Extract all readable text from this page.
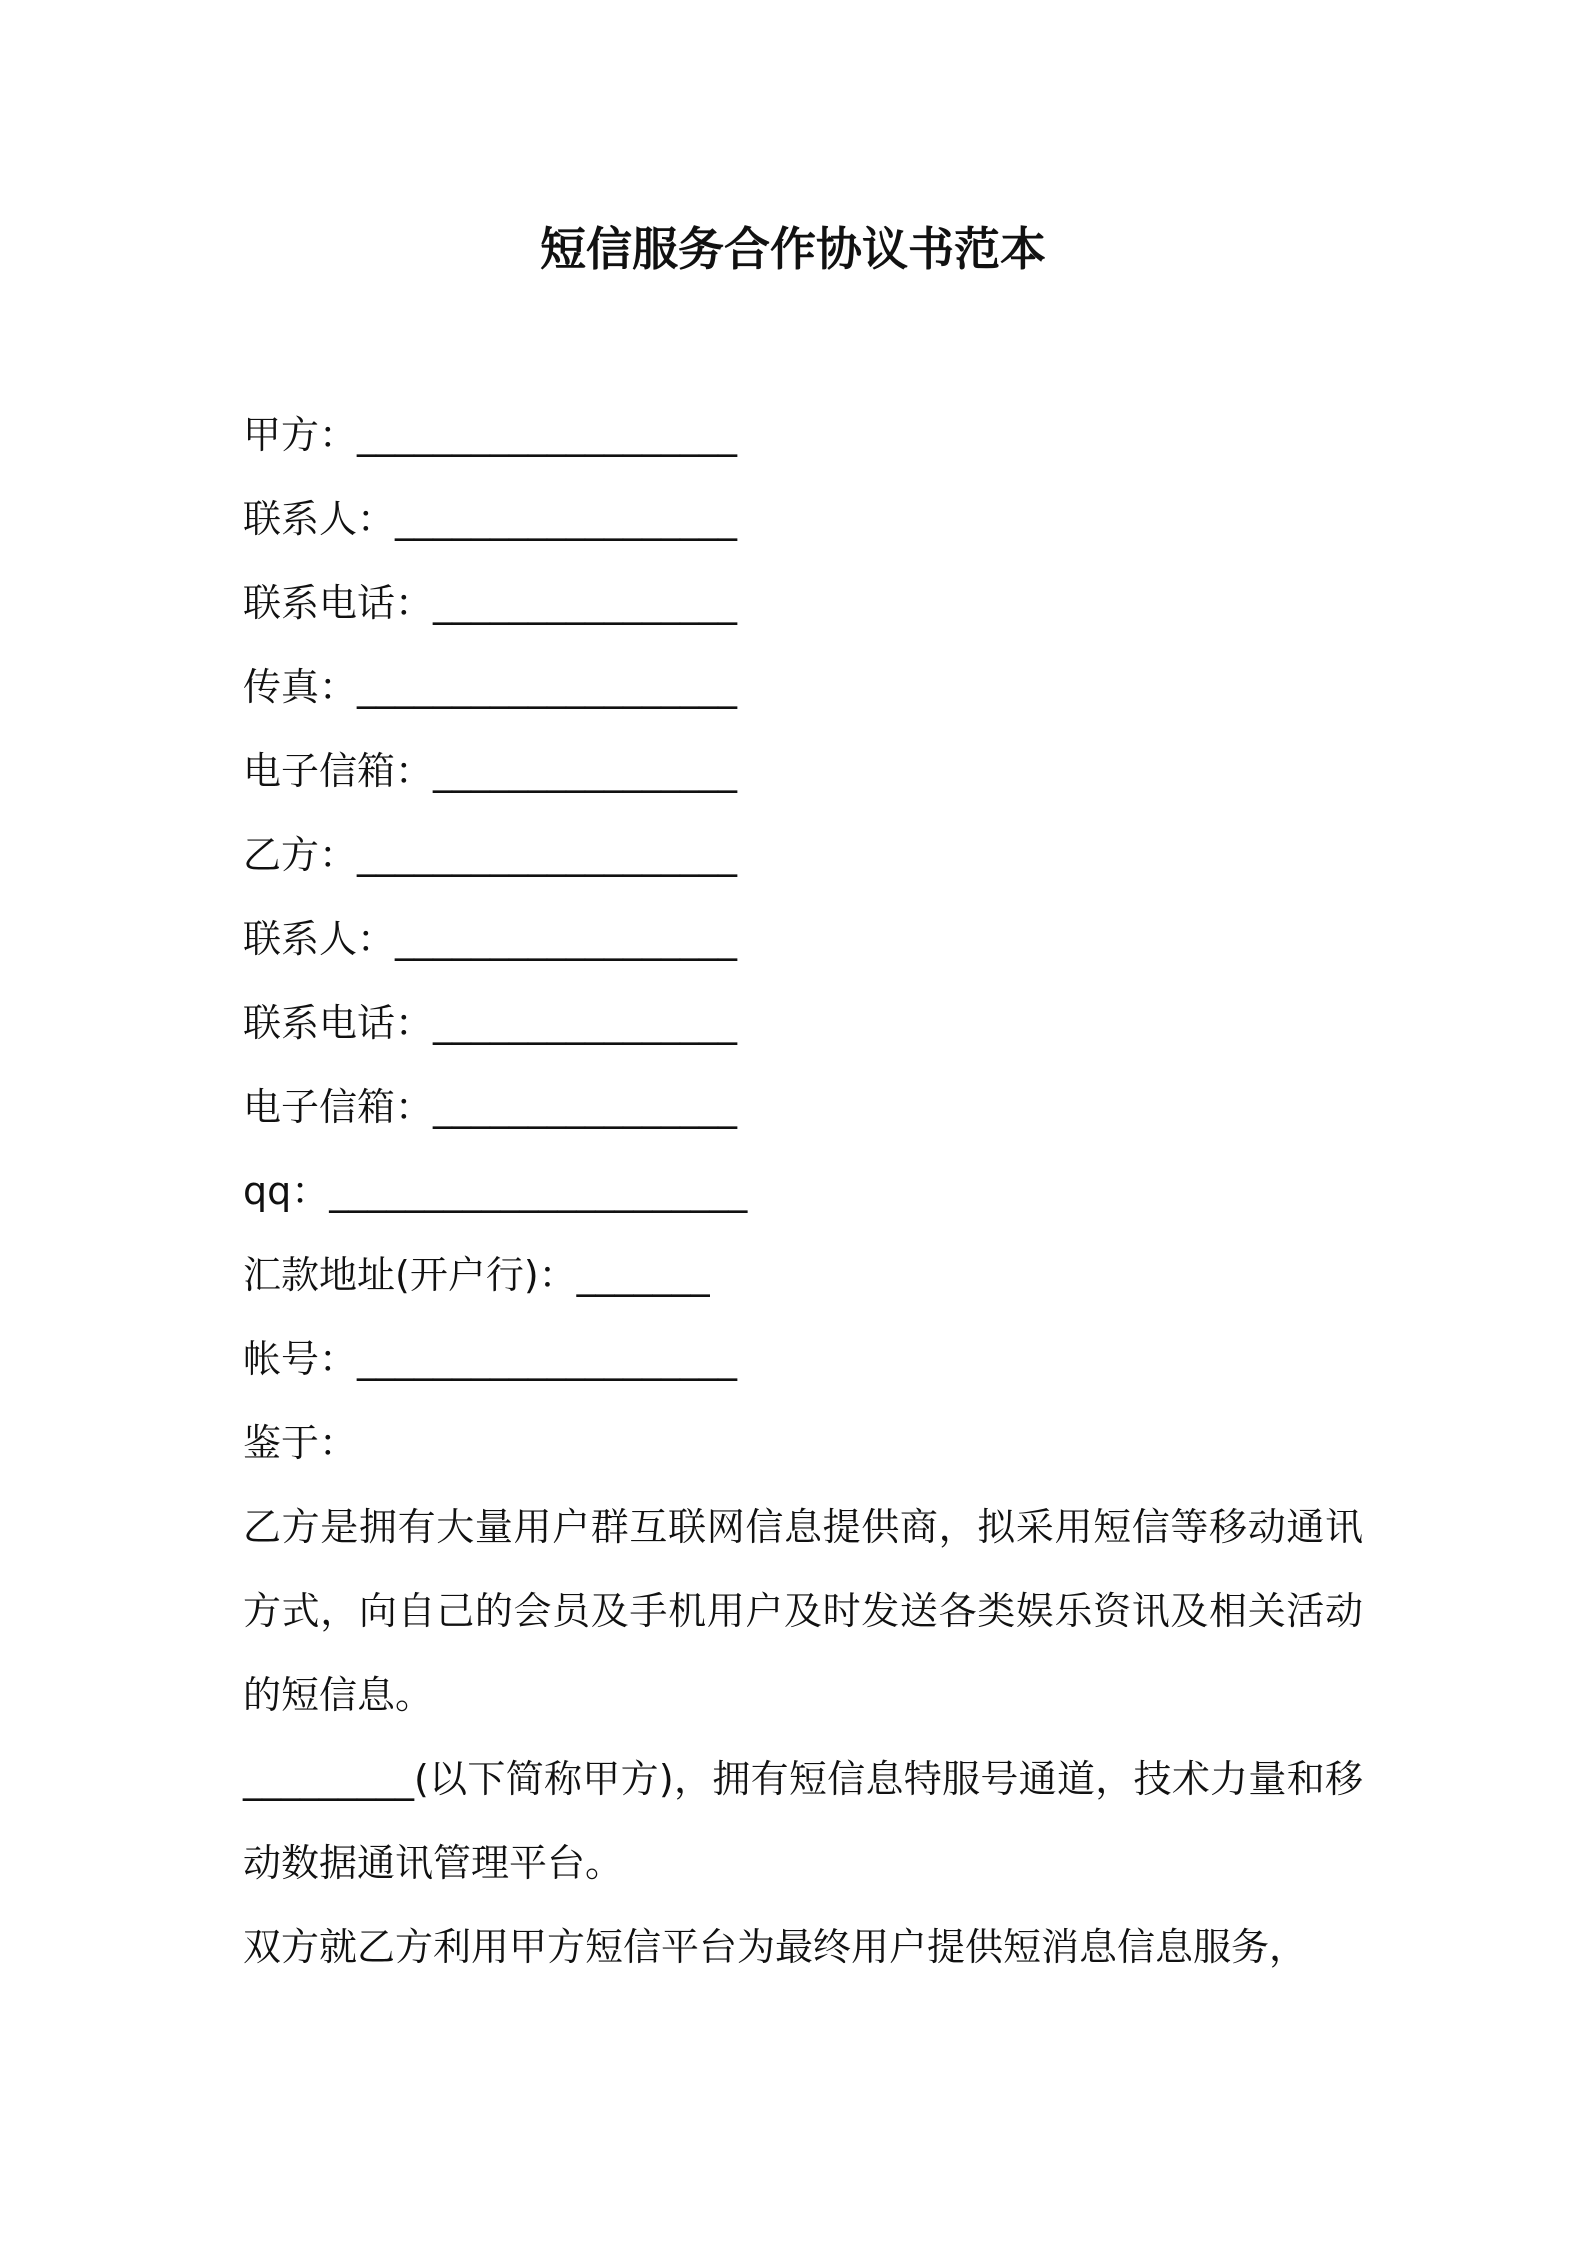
短信服务合作协议书范本
甲方：____________________
联系人：__________________
联系电话：________________
传真：____________________
电子信箱：________________
乙方：____________________
联系人：__________________
联系电话：________________
电子信箱：________________
qq：______________________
汇款地址(开户行)：_______
帐号：____________________
鉴于：

乙方是拥有大量用户群互联网信息提供商，拟采用短信等移动通讯方式，向自己的会员及手机用户及时发送各类娱乐资讯及相关活动的短信息。

_________(以下简称甲方)，拥有短信息特服号通道，技术力量和移动数据通讯管理平台。

双方就乙方利用甲方短信平台为最终用户提供短消息信息服务，
